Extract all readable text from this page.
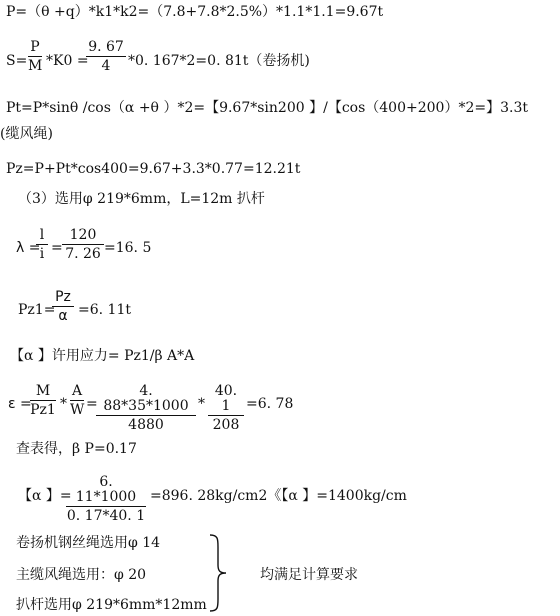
P=（θ +q）*k1*k2=（7.8+7.8*2.5%）*1.1*1.1=9.67t
$S= \frac{P}{M} *K0$ =
$\frac{9. 67}{4} *0$. 167*2=0. 81t（卷扬机)
Pt=P*sinθ /cos（α +θ ）*2=【9.67*sin200 】/【cos（400+200）*2=】3.3t
(缆风绳)
Pz=P+Pt*cos400=9.67+3.3*0.77=12.21t
（3）选用φ 219*6mm，L=12m 扒杆
λ =
$\frac{l}{i} = \frac{120}{7. 26} =16$. 5
Pz1=
$\frac{Pz}{\alpha} =6$. 11t
【α 】许用应力= Pz1/β A*A
ε =
$\frac{M}{Pz1} * \frac{A}{W}$ =
$\frac{4. 88*35*1000}{4880} * \frac{40. 1}{208} =6$. 78
查表得，β P=0.17
【α 】=
$\frac{6. 11*1000}{0. 17*40. 1} =896$. 28kg/cm2《【α 】=1400kg/cm
卷扬机钢丝绳选用φ 14
主缆风绳选用：φ 20
扒杆选用φ 219*6mm*12mm
均满足计算要求
